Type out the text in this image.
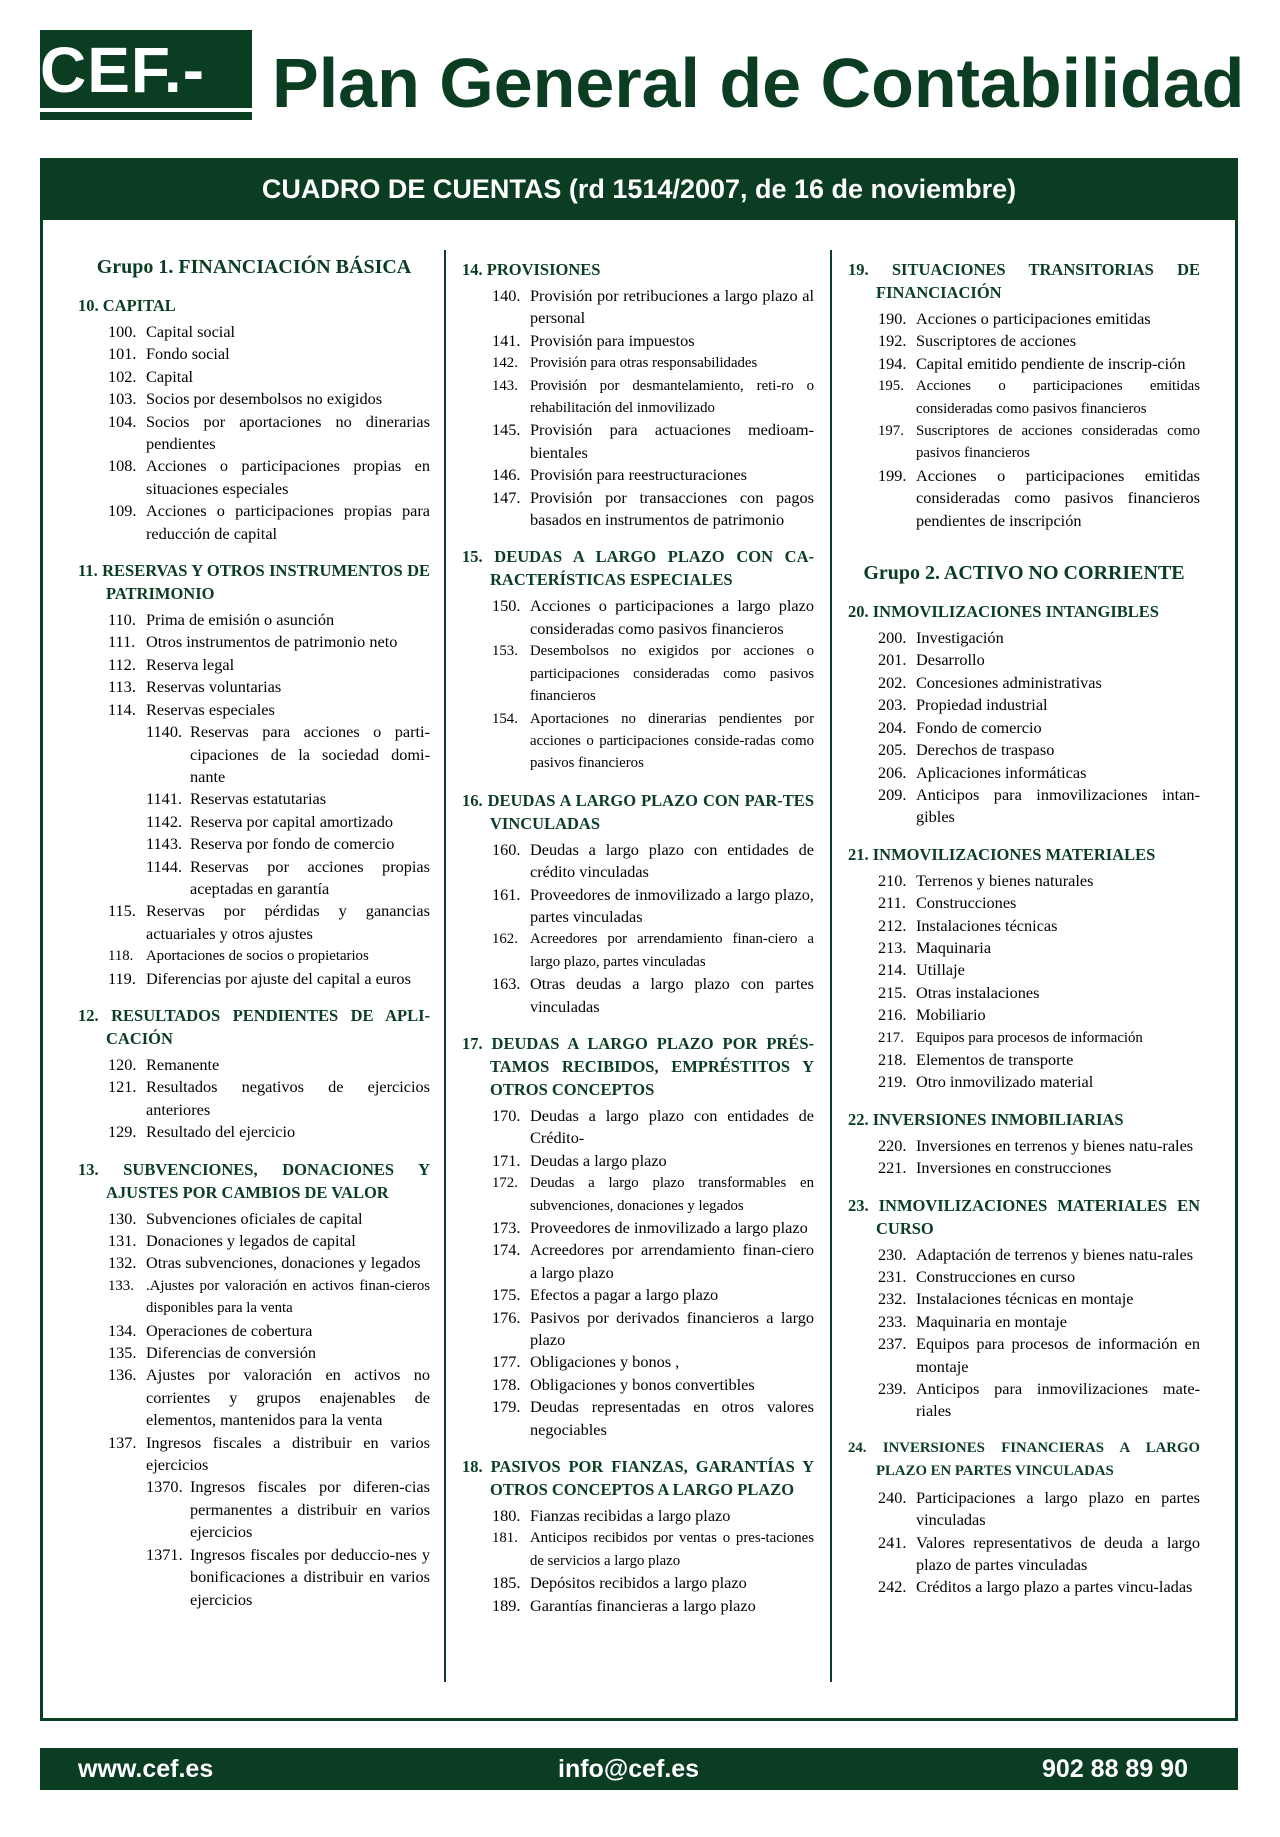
CEF.- Plan General de Contabilidad
CUADRO DE CUENTAS (rd 1514/2007, de 16 de noviembre)
Grupo 1. FINANCIACIÓN BÁSICA
10. CAPITAL
100. Capital social
101. Fondo social
102. Capital
103. Socios por desembolsos no exigidos
104. Socios por aportaciones no dinerarias pendientes
108. Acciones o participaciones propias en situaciones especiales
109. Acciones o participaciones propias para reducción de capital
11. RESERVAS Y OTROS INSTRUMENTOS DE PATRIMONIO
110. Prima de emisión o asunción
111. Otros instrumentos de patrimonio neto
112. Reserva legal
113. Reservas voluntarias
114. Reservas especiales
1140. Reservas para acciones o parti-cipaciones de la sociedad domi-nante
1141. Reservas estatutarias
1142. Reserva por capital amortizado
1143. Reserva por fondo de comercio
1144. Reservas por acciones propias aceptadas en garantía
115. Reservas por pérdidas y ganancias actuariales y otros ajustes
118. Aportaciones de socios o propietarios
119. Diferencias por ajuste del capital a euros
12. RESULTADOS PENDIENTES DE APLI-CACIÓN
120. Remanente
121. Resultados negativos de ejercicios anteriores
129. Resultado del ejercicio
13. SUBVENCIONES, DONACIONES Y AJUSTES POR CAMBIOS DE VALOR
130. Subvenciones oficiales de capital
131. Donaciones y legados de capital
132. Otras subvenciones, donaciones y legados
133. .Ajustes por valoración en activos finan-cieros disponibles para la venta
134. Operaciones de cobertura
135. Diferencias de conversión
136. Ajustes por valoración en activos no corrientes y grupos enajenables de elementos, mantenidos para la venta
137. Ingresos fiscales a distribuir en varios ejercicios
1370. Ingresos fiscales por diferen-cias permanentes a distribuir en varios ejercicios
1371. Ingresos fiscales por deduccio-nes y bonificaciones a distribuir en varios ejercicios
14. PROVISIONES
140. Provisión por retribuciones a largo plazo al personal
141. Provisión para impuestos
142. Provisión para otras responsabilidades
143. Provisión por desmantelamiento, reti-ro o rehabilitación del inmovilizado
145. Provisión para actuaciones medioam-bientales
146. Provisión para reestructuraciones
147. Provisión por transacciones con pagos basados en instrumentos de patrimonio
15. DEUDAS A LARGO PLAZO CON CA-RACTERÍSTICAS ESPECIALES
150. Acciones o participaciones a largo plazo consideradas como pasivos financieros
153. Desembolsos no exigidos por acciones o participaciones consideradas como pasivos financieros
154. Aportaciones no dinerarias pendientes por acciones o participaciones conside-radas como pasivos financieros
16. DEUDAS A LARGO PLAZO CON PAR-TES VINCULADAS
160. Deudas a largo plazo con entidades de crédito vinculadas
161. Proveedores de inmovilizado a largo plazo, partes vinculadas
162. Acreedores por arrendamiento finan-ciero a largo plazo, partes vinculadas
163. Otras deudas a largo plazo con partes vinculadas
17. DEUDAS A LARGO PLAZO POR PRÉS-TAMOS RECIBIDOS, EMPRÉSTITOS Y OTROS CONCEPTOS
170. Deudas a largo plazo con entidades de Crédito-
171. Deudas a largo plazo
172. Deudas a largo plazo transformables en subvenciones, donaciones y legados
173. Proveedores de inmovilizado a largo plazo
174. Acreedores por arrendamiento finan-ciero a largo plazo
175. Efectos a pagar a largo plazo
176. Pasivos por derivados financieros a largo plazo
177. Obligaciones y bonos ,
178. Obligaciones y bonos convertibles
179. Deudas representadas en otros valores negociables
18. PASIVOS POR FIANZAS, GARANTÍAS Y OTROS CONCEPTOS A LARGO PLAZO
180. Fianzas recibidas a largo plazo
181. Anticipos recibidos por ventas o pres-taciones de servicios a largo plazo
185. Depósitos recibidos a largo plazo
189. Garantías financieras a largo plazo
19. SITUACIONES TRANSITORIAS DE FINANCIACIÓN
190. Acciones o participaciones emitidas
192. Suscriptores de acciones
194. Capital emitido pendiente de inscrip-ción
195. Acciones o participaciones emitidas consideradas como pasivos financieros
197. Suscriptores de acciones consideradas como pasivos financieros
199. Acciones o participaciones emitidas consideradas como pasivos financieros pendientes de inscripción
Grupo 2. ACTIVO NO CORRIENTE
20. INMOVILIZACIONES INTANGIBLES
200. Investigación
201. Desarrollo
202. Concesiones administrativas
203. Propiedad industrial
204. Fondo de comercio
205. Derechos de traspaso
206. Aplicaciones informáticas
209. Anticipos para inmovilizaciones intan-gibles
21. INMOVILIZACIONES MATERIALES
210. Terrenos y bienes naturales
211. Construcciones
212. Instalaciones técnicas
213. Maquinaria
214. Utillaje
215. Otras instalaciones
216. Mobiliario
217. Equipos para procesos de información
218. Elementos de transporte
219. Otro inmovilizado material
22. INVERSIONES INMOBILIARIAS
220. Inversiones en terrenos y bienes natu-rales
221. Inversiones en construcciones
23. INMOVILIZACIONES MATERIALES EN CURSO
230. Adaptación de terrenos y bienes natu-rales
231. Construcciones en curso
232. Instalaciones técnicas en montaje
233. Maquinaria en montaje
237. Equipos para procesos de información en montaje
239. Anticipos para inmovilizaciones mate-riales
24. INVERSIONES FINANCIERAS A LARGO PLAZO EN PARTES VINCULADAS
240. Participaciones a largo plazo en partes vinculadas
241. Valores representativos de deuda a largo plazo de partes vinculadas
242. Créditos a largo plazo a partes vincu-ladas
www.cef.es	info@cef.es	902 88 89 90
